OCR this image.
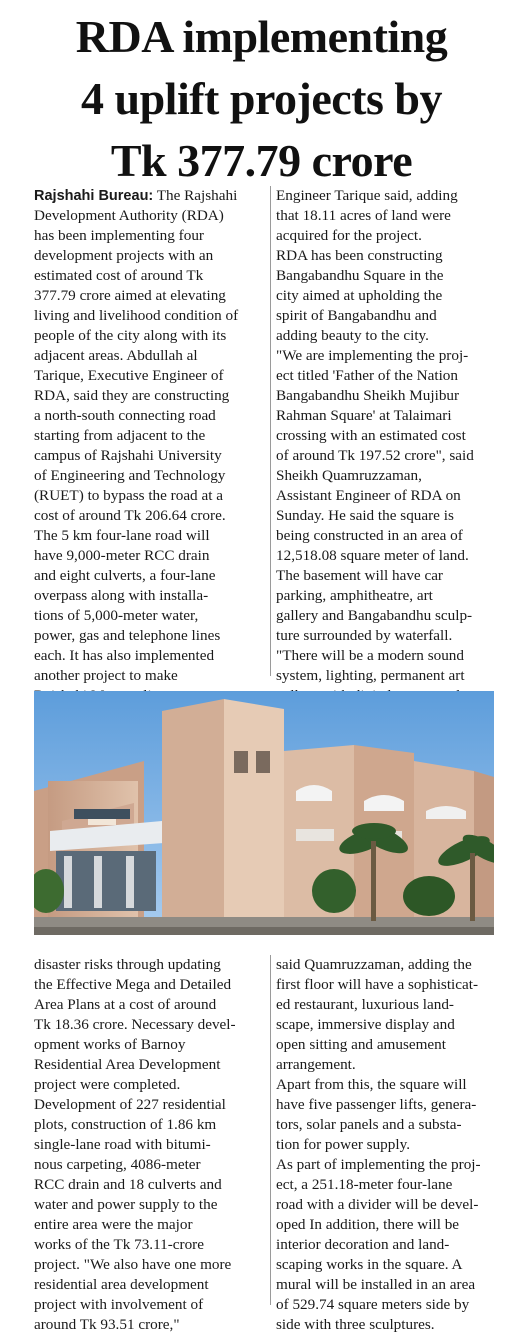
RDA implementing
4 uplift projects by
Tk 377.79 crore
Rajshahi Bureau: The Rajshahi
Development Authority (RDA)
has been implementing four
development projects with an
estimated cost of around Tk
377.79 crore aimed at elevating
living and livelihood condition of
people of the city along with its
adjacent areas. Abdullah al
Tarique, Executive Engineer of
RDA, said they are constructing
a north-south connecting road
starting from adjacent to the
campus of Rajshahi University
of Engineering and Technology
(RUET) to bypass the road at a
cost of around Tk 206.64 crore.
The 5 km four-lane road will
have 9,000-meter RCC drain
and eight culverts, a four-lane
overpass along with installa-
tions of 5,000-meter water,
power, gas and telephone lines
each. It has also implemented
another project to make
Engineer Tarique said, adding
that 18.11 acres of land were
acquired for the project.
RDA has been constructing
Bangabandhu Square in the
city aimed at upholding the
spirit of Bangabandhu and
adding beauty to the city.
"We are implementing the proj-
ect titled 'Father of the Nation
Bangabandhu Sheikh Mujibur
Rahman Square' at Talaimari
crossing with an estimated cost
of around Tk 197.52 crore", said
Sheikh Quamruzzaman,
Assistant Engineer of RDA on
Sunday. He said the square is
being constructed in an area of
12,518.08 square meter of land.
The basement will have car
parking, amphitheatre, art
gallery and Bangabandhu sculp-
ture surrounded by waterfall.
"There will be a modern sound
system, lighting, permanent art
disaster risks through updating
the Effective Mega and Detailed
Area Plans at a cost of around
Tk 18.36 crore. Necessary devel-
opment works of Barnoy
Residential Area Development
project were completed.
Development of 227 residential
plots, construction of 1.86 km
single-lane road with bitumi-
nous carpeting, 4086-meter
RCC drain and 18 culverts and
water and power supply to the
entire area were the major
works of the Tk 73.11-crore
project. "We also have one more
residential area development
project with involvement of
around Tk 93.51 crore,"
said Quamruzzaman, adding the
first floor will have a sophisticat-
ed restaurant, luxurious land-
scape, immersive display and
open sitting and amusement
arrangement.
Apart from this, the square will
have five passenger lifts, genera-
tors, solar panels and a substa-
tion for power supply.
As part of implementing the proj-
ect, a 251.18-meter four-lane
road with a divider will be devel-
oped In addition, there will be
interior decoration and land-
scaping works in the square. A
mural will be installed in an area
of 529.74 square meters side by
side with three sculptures.
